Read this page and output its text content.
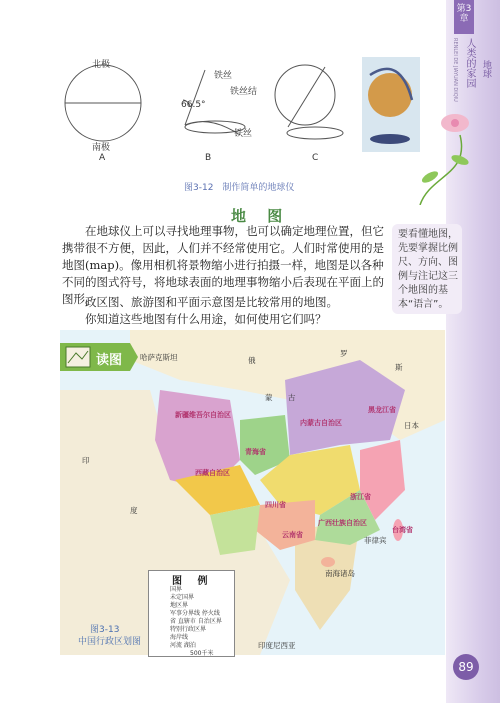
第3章
人类的家园 地球
RENLEI DE JIAYUAN DIQIU
北极
南极
A	B	C
铁丝
铁丝结
66.5°
铁丝
图3-12　制作简单的地球仪
地 图
在地球仪上可以寻找地理事物，也可以确定地理位置，但它携带很不方便，因此，人们并不经常使用它。人们时常使用的是地图(map)。像用相机将景物缩小进行拍摄一样，地图是以各种不同的图式符号，将地球表面的地理事物缩小后表现在平面上的图形。
政区图、旅游图和平面示意图是比较常用的地图。
你知道这些地图有什么用途，如何使用它们吗？
要看懂地图，先要掌握比例尺、方向、图例与注记这三个地图的基本“语言”。
读图	俄
罗
斯
蒙 古
哈萨克斯坦
印
度
日本
菲律宾
南海诸岛
印度尼西亚
新疆维吾尔自治区
西藏自治区
青海省
内蒙古自治区
黑龙江省
四川省
云南省
广西壮族自治区
浙江省
台湾省
图 例
国界
未定国界
地区界
军事分界线 停火线
省 直辖市 自治区界
特别行政区界
海岸线
河流 湖泊
500千米
图3-13
中国行政区划图
89
